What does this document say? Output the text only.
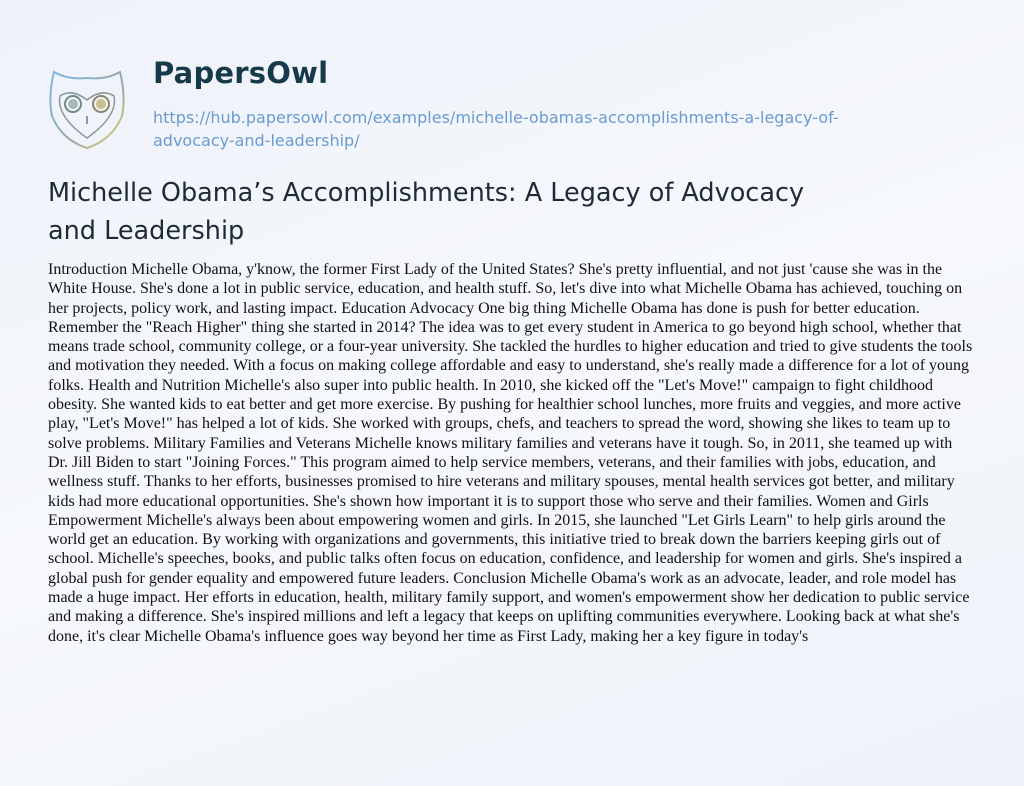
PapersOwl
https://hub.papersowl.com/examples/michelle-obamas-accomplishments-a-legacy-of-advocacy-and-leadership/
Michelle Obama’s Accomplishments: A Legacy of Advocacy and Leadership
Introduction Michelle Obama, y'know, the former First Lady of the United States? She's pretty influential, and not just 'cause she was in the
White House. She's done a lot in public service, education, and health stuff. So, let's dive into what Michelle Obama has achieved, touching on
her projects, policy work, and lasting impact. Education Advocacy One big thing Michelle Obama has done is push for better education.
Remember the "Reach Higher" thing she started in 2014? The idea was to get every student in America to go beyond high school, whether that
means trade school, community college, or a four-year university. She tackled the hurdles to higher education and tried to give students the tools
and motivation they needed. With a focus on making college affordable and easy to understand, she's really made a difference for a lot of young
folks. Health and Nutrition Michelle's also super into public health. In 2010, she kicked off the "Let's Move!" campaign to fight childhood
obesity. She wanted kids to eat better and get more exercise. By pushing for healthier school lunches, more fruits and veggies, and more active
play, "Let's Move!" has helped a lot of kids. She worked with groups, chefs, and teachers to spread the word, showing she likes to team up to
solve problems. Military Families and Veterans Michelle knows military families and veterans have it tough. So, in 2011, she teamed up with
Dr. Jill Biden to start "Joining Forces." This program aimed to help service members, veterans, and their families with jobs, education, and
wellness stuff. Thanks to her efforts, businesses promised to hire veterans and military spouses, mental health services got better, and military
kids had more educational opportunities. She's shown how important it is to support those who serve and their families. Women and Girls
Empowerment Michelle's always been about empowering women and girls. In 2015, she launched "Let Girls Learn" to help girls around the
world get an education. By working with organizations and governments, this initiative tried to break down the barriers keeping girls out of
school. Michelle's speeches, books, and public talks often focus on education, confidence, and leadership for women and girls. She's inspired a
global push for gender equality and empowered future leaders. Conclusion Michelle Obama's work as an advocate, leader, and role model has
made a huge impact. Her efforts in education, health, military family support, and women's empowerment show her dedication to public service
and making a difference. She's inspired millions and left a legacy that keeps on uplifting communities everywhere. Looking back at what she's
done, it's clear Michelle Obama's influence goes way beyond her time as First Lady, making her a key figure in today's
